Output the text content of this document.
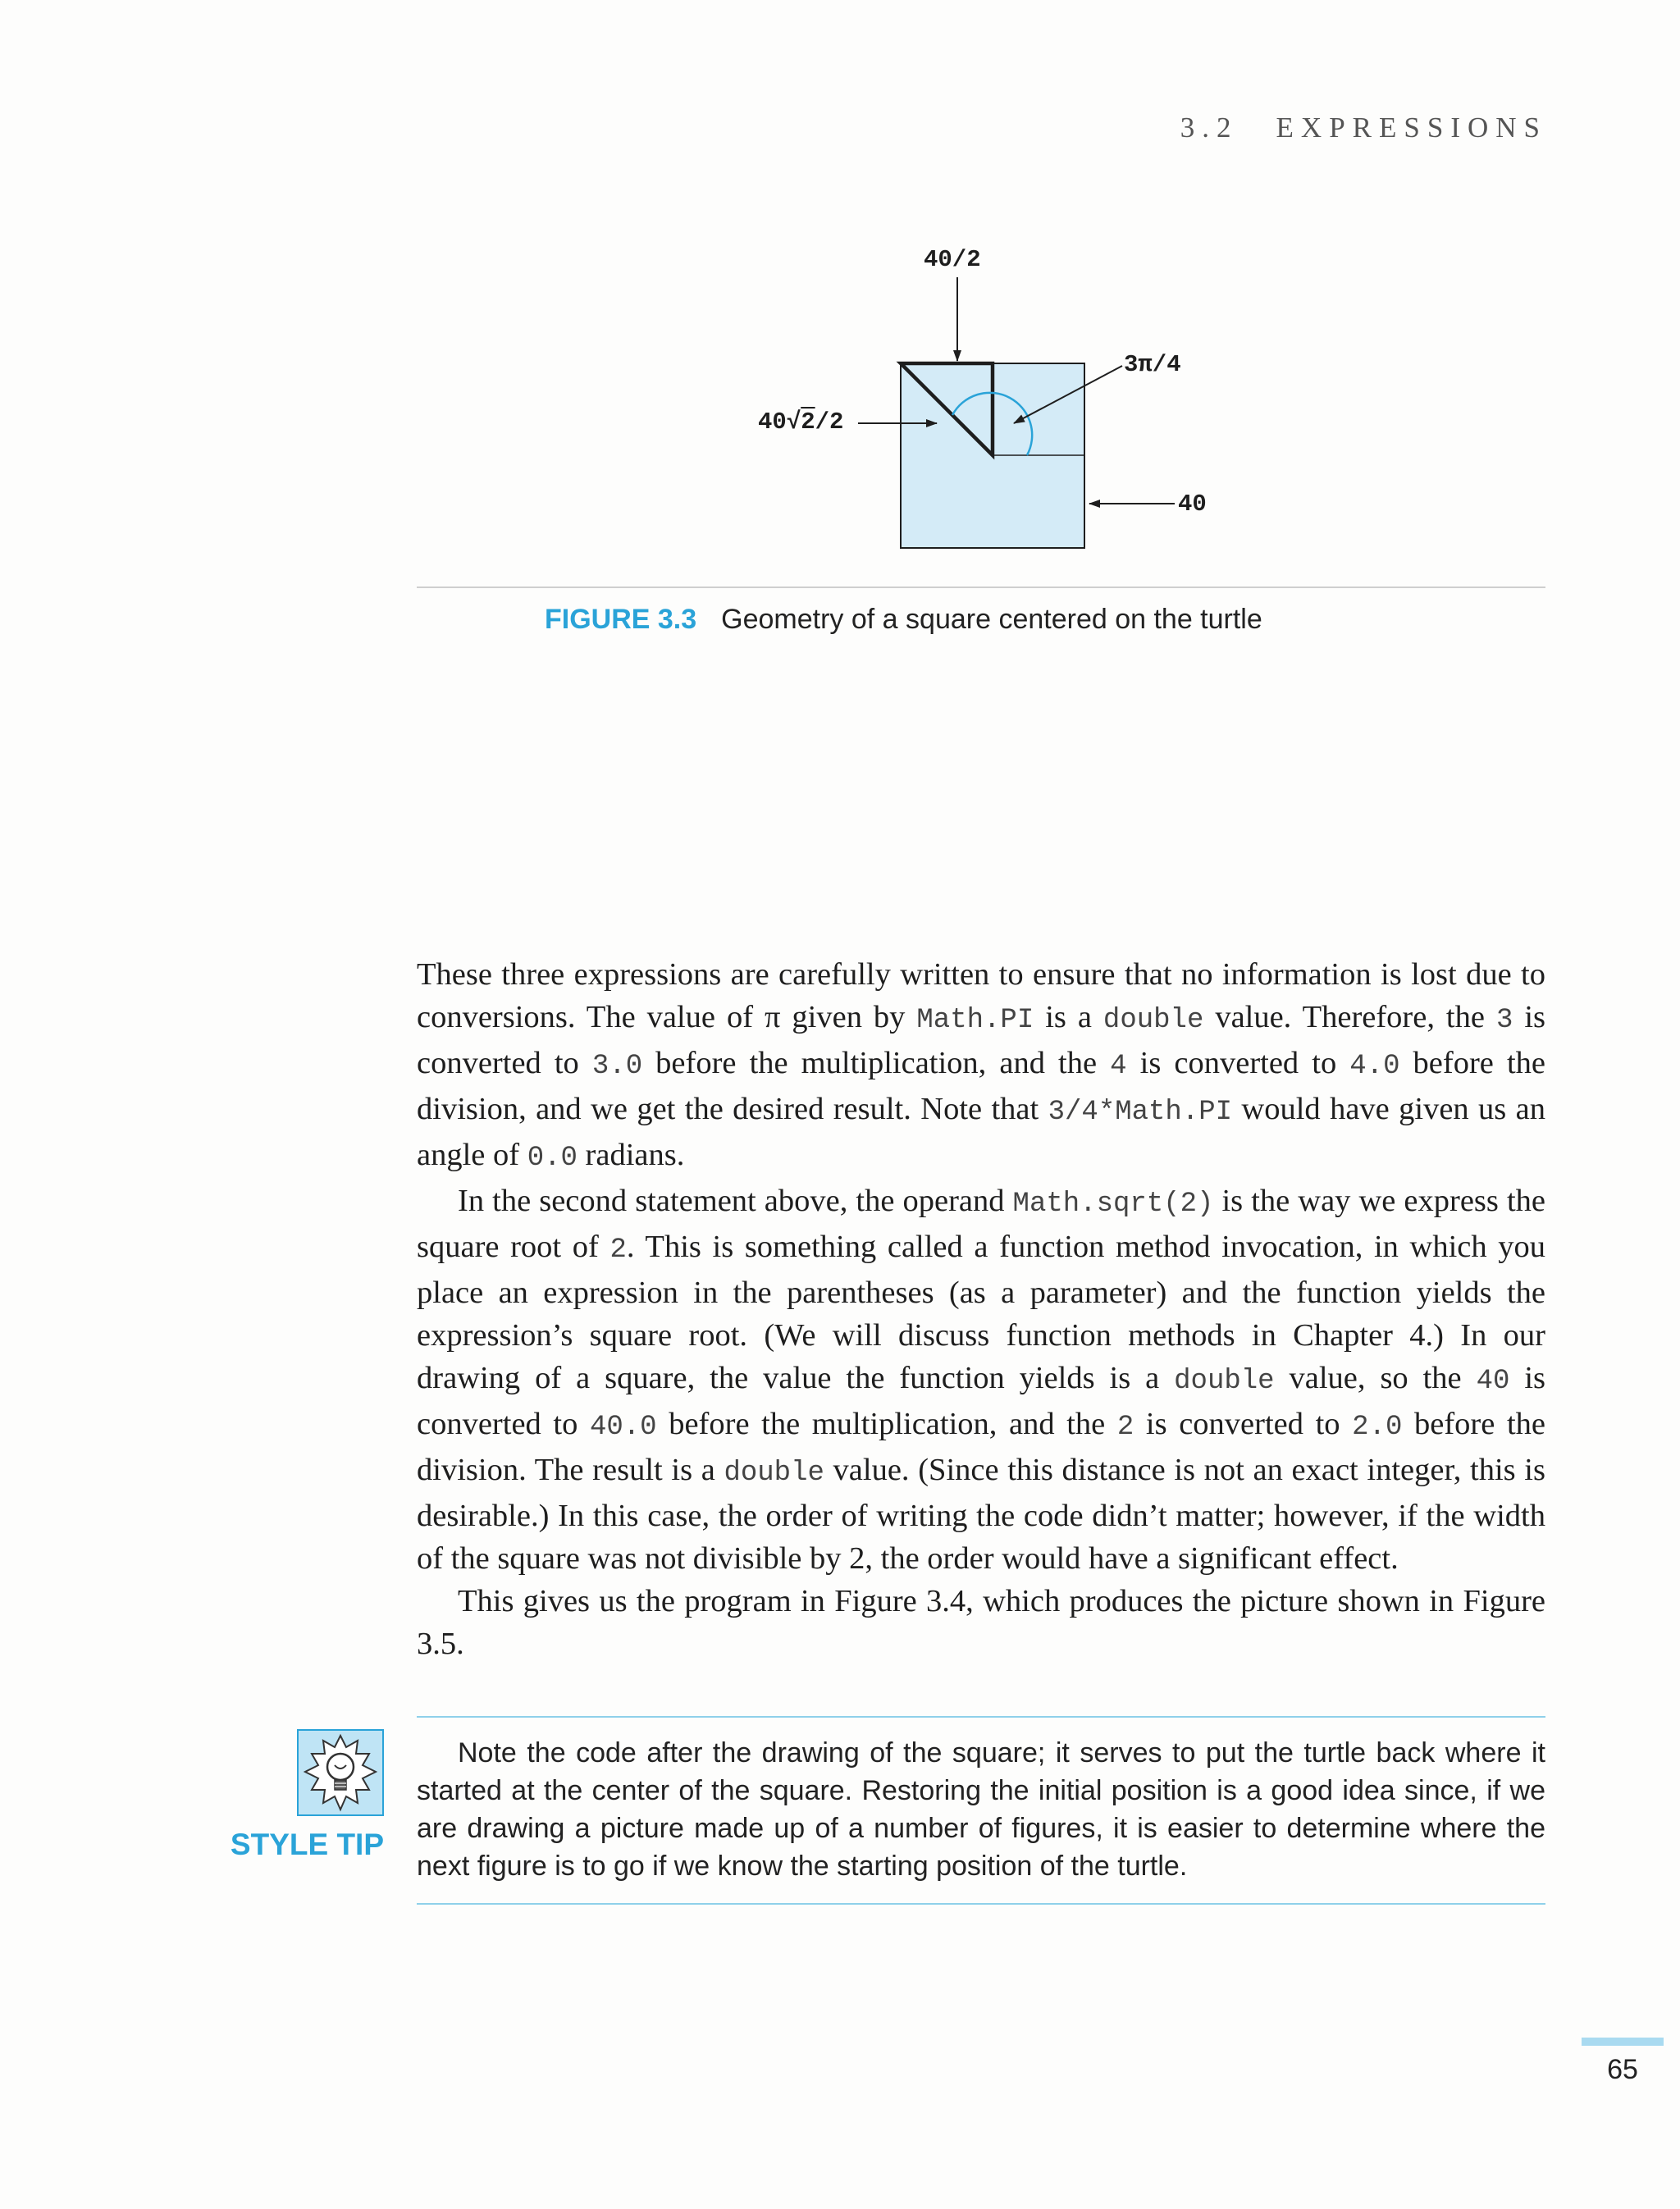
3.2 EXPRESSIONS
40/2
3π/4
40√2/2
40
FIGURE 3.3 Geometry of a square centered on the turtle

These three expressions are carefully written to ensure that no information is lost due to conversions. The value of π given by Math.PI is a double value. Therefore, the 3 is converted to 3.0 before the multiplication, and the 4 is converted to 4.0 before the division, and we get the desired result. Note that 3/4*Math.PI would have given us an angle of 0.0 radians.

In the second statement above, the operand Math.sqrt(2) is the way we express the square root of 2. This is something called a function method invocation, in which you place an expression in the parentheses (as a parameter) and the function yields the expression’s square root. (We will discuss function methods in Chapter 4.) In our drawing of a square, the value the function yields is a double value, so the 40 is converted to 40.0 before the multiplication, and the 2 is converted to 2.0 before the division. The result is a double value. (Since this distance is not an exact integer, this is desirable.) In this case, the order of writing the code didn’t matter; however, if the width of the square was not divisible by 2, the order would have a significant effect.

This gives us the program in Figure 3.4, which produces the picture shown in Figure 3.5.

STYLE TIP

Note the code after the drawing of the square; it serves to put the turtle back where it started at the center of the square. Restoring the initial position is a good idea since, if we are drawing a picture made up of a number of figures, it is easier to determine where the next figure is to go if we know the starting position of the turtle.

65
